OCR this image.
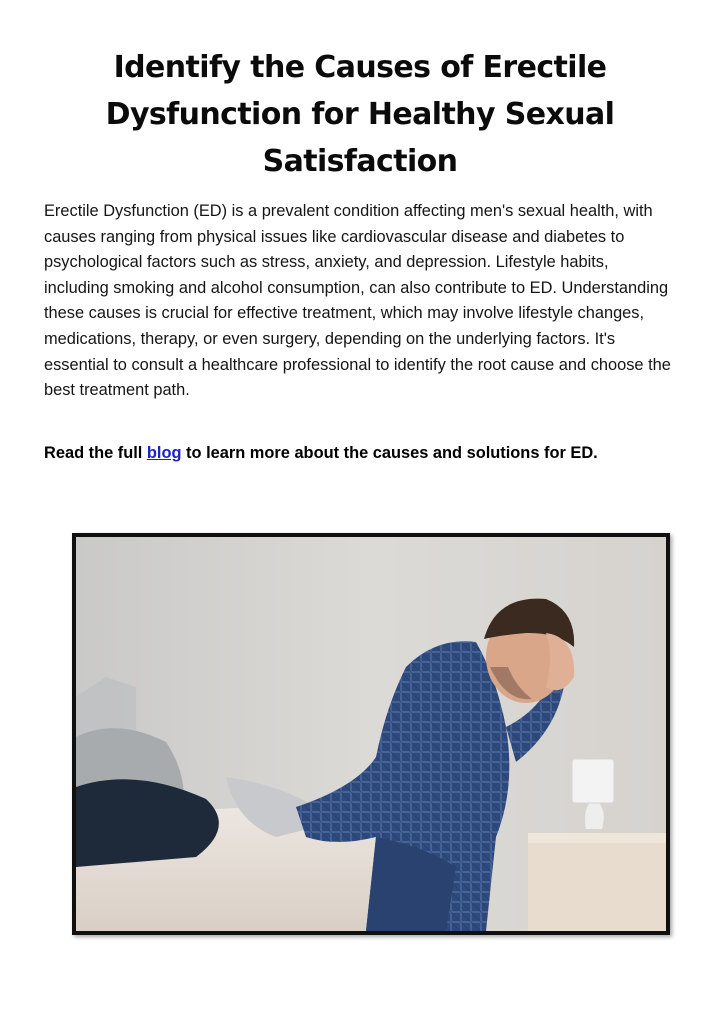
Identify the Causes of Erectile
Dysfunction for Healthy Sexual
Satisfaction

Erectile Dysfunction (ED) is a prevalent condition affecting men's sexual health, with causes ranging from physical issues like cardiovascular disease and diabetes to psychological factors such as stress, anxiety, and depression. Lifestyle habits, including smoking and alcohol consumption, can also contribute to ED. Understanding these causes is crucial for effective treatment, which may involve lifestyle changes, medications, therapy, or even surgery, depending on the underlying factors. It's essential to consult a healthcare professional to identify the root cause and choose the best treatment path.

Read the full blog to learn more about the causes and solutions for ED.
